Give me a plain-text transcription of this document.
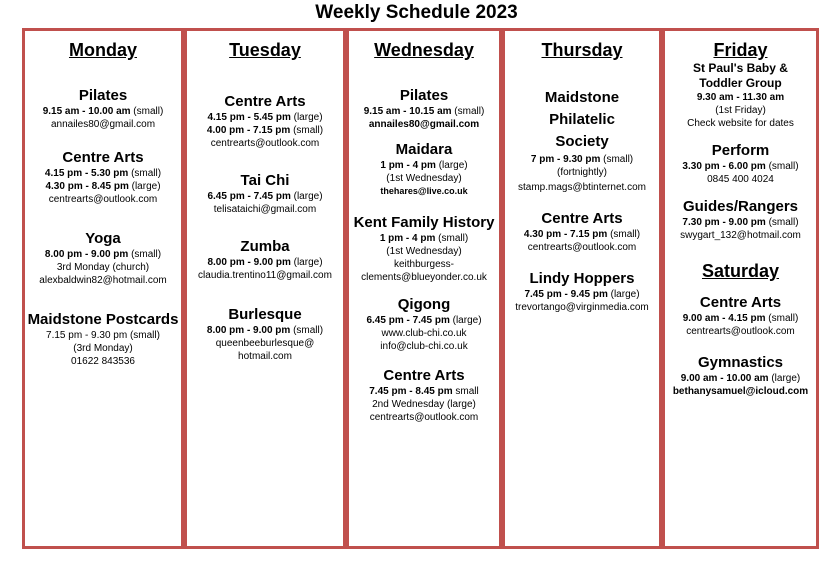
Weekly Schedule 2023
Monday
Pilates
9.15 am - 10.00 am (small)
annailes80@gmail.com
Centre Arts
4.15 pm - 5.30 pm (small)
4.30 pm - 8.45 pm (large)
centrearts@outlook.com
Yoga
8.00 pm - 9.00 pm (small)
3rd Monday (church)
alexbaldwin82@hotmail.com
Maidstone Postcards
7.15 pm - 9.30 pm (small)
(3rd Monday)
01622 843536
Tuesday
Centre Arts
4.15 pm - 5.45 pm (large)
4.00 pm - 7.15 pm (small)
centrearts@outlook.com
Tai Chi
6.45 pm - 7.45 pm (large)
telisataichi@gmail.com
Zumba
8.00 pm - 9.00 pm (large)
claudia.trentino11@gmail.com
Burlesque
8.00 pm - 9.00 pm (small)
queenbeeburlesque@
hotmail.com
Wednesday
Pilates
9.15 am - 10.15 am (small)
annailes80@gmail.com
Maidara
1 pm - 4 pm (large)
(1st Wednesday)
thehares@live.co.uk
Kent Family History
1 pm - 4 pm (small)
(1st Wednesday)
keithburgess-
clements@blueyonder.co.uk
Qigong
6.45 pm - 7.45 pm (large)
www.club-chi.co.uk
info@club-chi.co.uk
Centre Arts
7.45 pm - 8.45 pm small
2nd Wednesday (large)
centrearts@outlook.com
Thursday
Maidstone Philatelic Society
7 pm - 9.30 pm (small)
(fortnightly)
stamp.mags@btinternet.com
Centre Arts
4.30 pm - 7.15 pm (small)
centrearts@outlook.com
Lindy Hoppers
7.45 pm - 9.45 pm (large)
trevortango@virginmedia.com
Friday
St Paul's Baby & Toddler Group
9.30 am - 11.30 am
(1st Friday)
Check website for dates
Perform
3.30 pm - 6.00 pm (small)
0845 400 4024
Guides/Rangers
7.30 pm - 9.00 pm (small)
swygart_132@hotmail.com
Saturday
Centre Arts
9.00 am - 4.15 pm (small)
centrearts@outlook.com
Gymnastics
9.00 am - 10.00 am (large)
bethanysamuel@icloud.com
